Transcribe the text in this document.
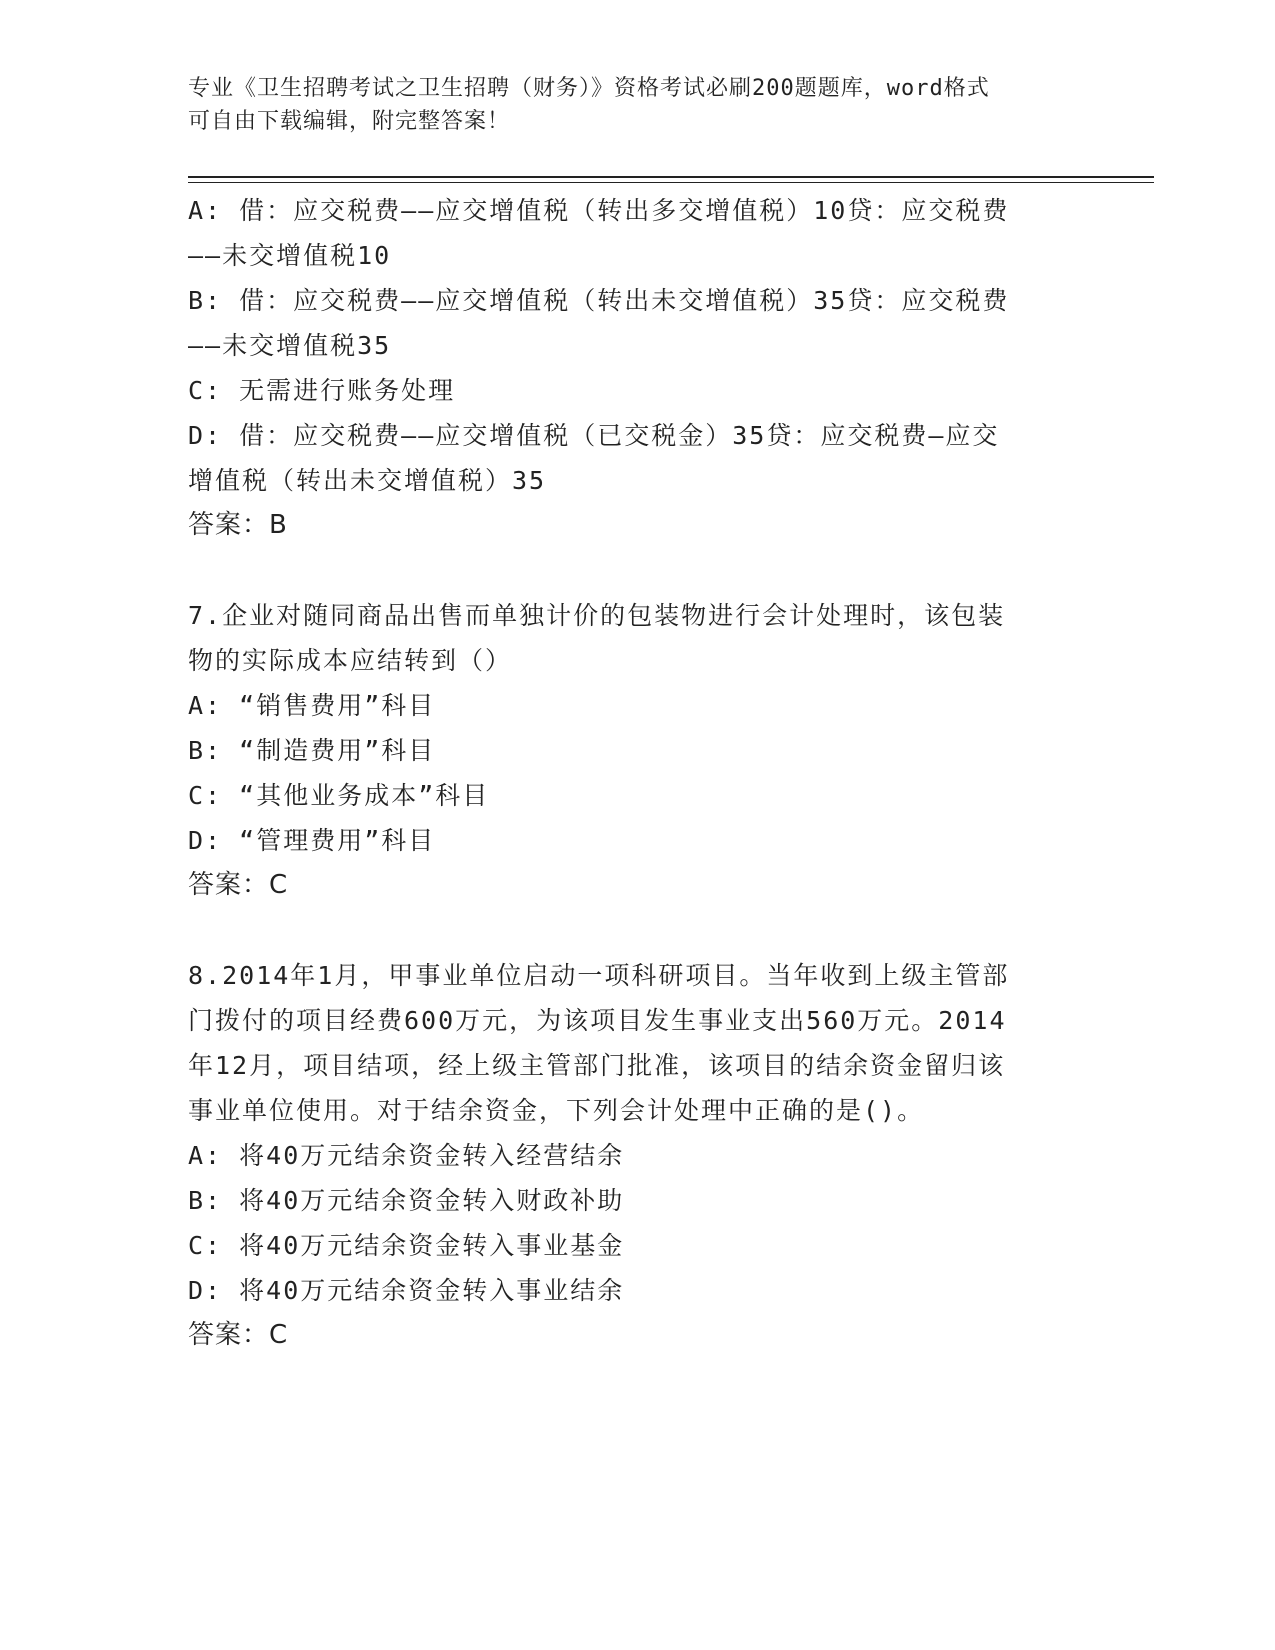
专业《卫生招聘考试之卫生招聘（财务）》资格考试必刷200题题库，word格式
可自由下载编辑，附完整答案！
A: 借：应交税费——应交增值税（转出多交增值税）10贷：应交税费
——未交增值税10
B: 借：应交税费——应交增值税（转出未交增值税）35贷：应交税费
——未交增值税35
C: 无需进行账务处理
D: 借：应交税费——应交增值税（已交税金）35贷：应交税费—应交
增值税（转出未交增值税）35
答案：B
7.企业对随同商品出售而单独计价的包装物进行会计处理时，该包装
物的实际成本应结转到（）
A: “销售费用”科目
B: “制造费用”科目
C: “其他业务成本”科目
D: “管理费用”科目
答案：C
8.2014年1月，甲事业单位启动一项科研项目。当年收到上级主管部
门拨付的项目经费600万元，为该项目发生事业支出560万元。2014
年12月，项目结项，经上级主管部门批准，该项目的结余资金留归该
事业单位使用。对于结余资金，下列会计处理中正确的是()。
A: 将40万元结余资金转入经营结余
B: 将40万元结余资金转入财政补助
C: 将40万元结余资金转入事业基金
D: 将40万元结余资金转入事业结余
答案：C
